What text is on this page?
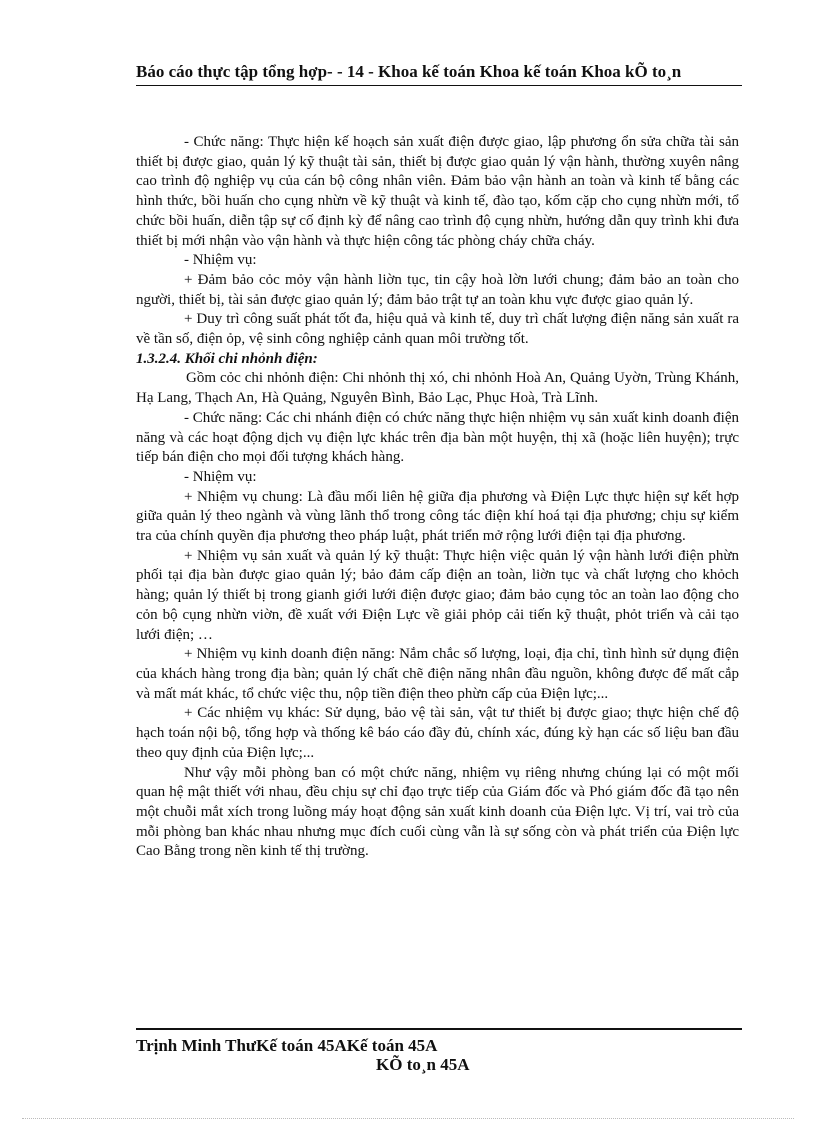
Báo cáo thực tập tổng hợp- - 14 - Khoa kế toán Khoa kế toán Khoa kÕ to¸n

- Chức năng: Thực hiện kế hoạch sản xuất điện được giao, lập phương ổn sửa chữa tài sản thiết bị được giao, quản lý kỹ thuật tài sản, thiết bị được giao quản lý vận hành, thường xuyên nâng cao trình độ nghiệp vụ của cán bộ công nhân viên. Đảm bảo vận hành an toàn và kinh tế bằng các hình thức, bồi huấn cho cụng nhừn về kỹ thuật và kinh tế, đào tạo, kốm cặp cho cụng nhừn mới, tổ chức bồi huấn, diễn tập sự cố định kỳ để nâng cao trình độ cụng nhừn, hướng dẫn quy trình khi đưa thiết bị mới nhận vào vận hành và thực hiện công tác phòng cháy chữa cháy.

- Nhiệm vụ:

+ Đảm bảo cỏc mỏy vận hành liờn tục, tin cậy hoà lờn lưới chung; đảm bảo an toàn cho người, thiết bị, tài sản được giao quản lý; đảm bảo trật tự an toàn khu vực được giao quản lý.

+ Duy trì công suất phát tốt đa, hiệu quả và kinh tế, duy trì chất lượng điện năng sản xuất ra về tần số, điện ỏp, vệ sinh công nghiệp cảnh quan môi trường tốt.

1.3.2.4. Khối chi nhỏnh điện:

Gồm cỏc chi nhỏnh điện: Chi nhỏnh thị xó, chi nhỏnh Hoà An, Quảng Uyờn, Trùng Khánh, Hạ Lang, Thạch An, Hà Quảng, Nguyên Bình, Bảo Lạc, Phục Hoà, Trà Lĩnh.

- Chức năng: Các chi nhánh điện có chức năng thực hiện nhiệm vụ sản xuất kinh doanh điện năng và các hoạt động dịch vụ điện lực khác trên địa bàn một huyện, thị xã (hoặc liên huyện); trực tiếp bán điện cho mọi đối tượng khách hàng.

- Nhiệm vụ:

+ Nhiệm vụ chung: Là đầu mối liên hệ giữa địa phương và Điện Lực thực hiện sự kết hợp giữa quản lý theo ngành và vùng lãnh thổ trong công tác điện khí hoá tại địa phương; chịu sự kiểm tra của chính quyền địa phương theo pháp luật, phát triển mở rộng lưới điện tại địa phương.

+ Nhiệm vụ sản xuất và quản lý kỹ thuật: Thực hiện việc quản lý vận hành lưới điện phừn phối tại địa bàn được giao quản lý; bảo đảm cấp điện an toàn, liờn tục và chất lượng cho khỏch hàng; quản lý thiết bị trong gianh giới lưới điện được giao; đảm bảo cụng tỏc an toàn lao động cho cỏn bộ cụng nhừn viờn, đề xuất với Điện Lực về giải phỏp cải tiến kỹ thuật, phỏt triển và cải tạo lưới điện; …

+ Nhiệm vụ kinh doanh điện năng: Nắm chắc số lượng, loại, địa chỉ, tình hình sử dụng điện của khách hàng trong địa bàn; quản lý chất chẽ điện năng nhân đầu nguồn, không được để mất cắp và mất mát khác, tổ chức việc thu, nộp tiền điện theo phừn cấp của Điện lực;...

+ Các nhiệm vụ khác: Sử dụng, bảo vệ tài sản, vật tư thiết bị được giao; thực hiện chế độ hạch toán nội bộ, tổng hợp và thống kê báo cáo đầy đủ, chính xác, đúng kỳ hạn các số liệu ban đầu theo quy định của Điện lực;...

Như vậy mỗi phòng ban có một chức năng, nhiệm vụ riêng nhưng chúng lại có một mối quan hệ mật thiết với nhau, đều chịu sự chỉ đạo trực tiếp của Giám đốc và Phó giám đốc đã tạo nên một chuỗi mắt xích trong luồng máy hoạt động sản xuất kinh doanh của Điện lực. Vị trí, vai trò của mỗi phòng ban khác nhau nhưng mục đích cuối cùng vẫn là sự sống còn và phát triển của Điện lực Cao Bằng trong nền kinh tế thị trường.

Trịnh Minh ThưKế toán 45AKế toán 45A
KÕ to¸n 45A
